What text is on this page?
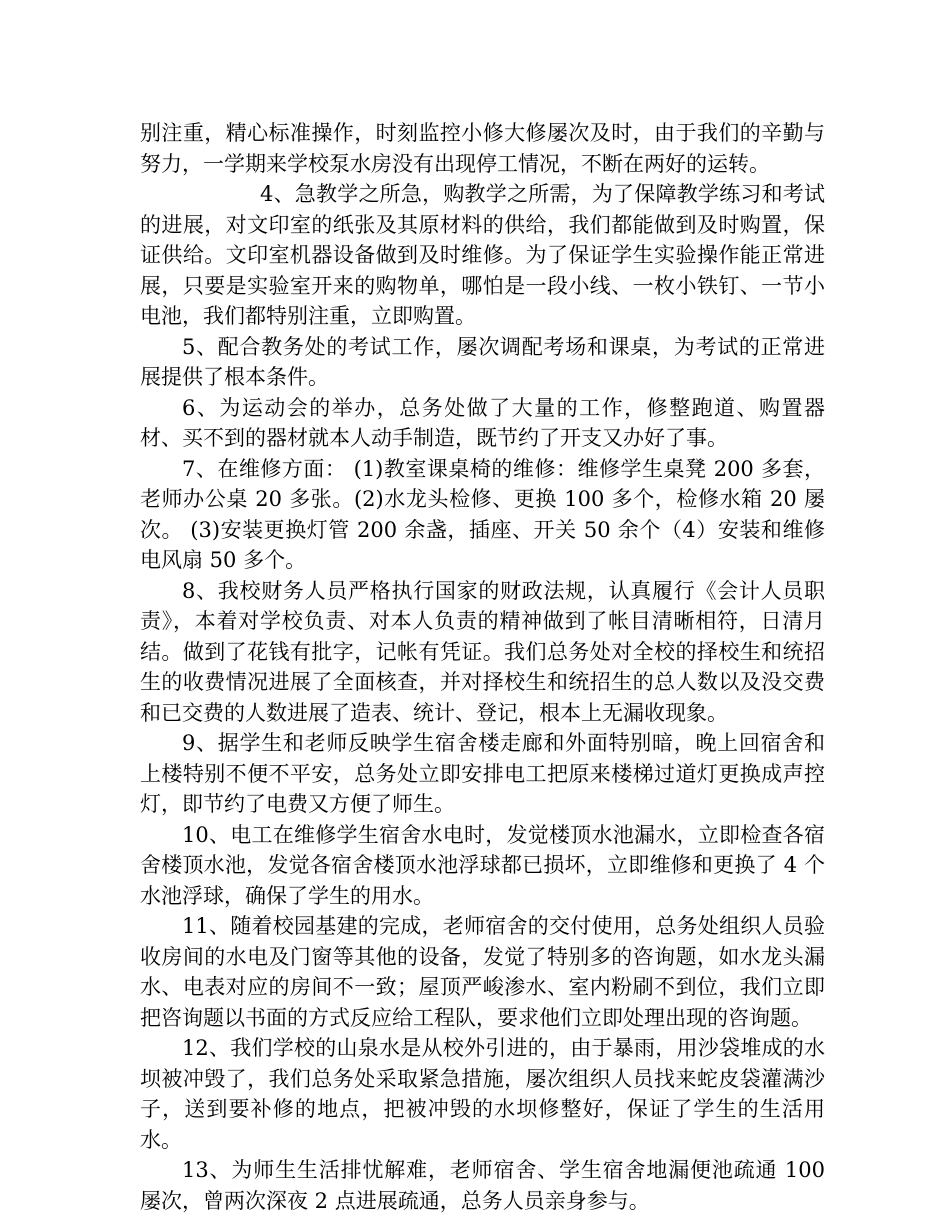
别注重，精心标准操作，时刻监控小修大修屡次及时，由于我们的辛勤与努力，一学期来学校泵水房没有出现停工情况，不断在两好的运转。

4、急教学之所急，购教学之所需，为了保障教学练习和考试的进展，对文印室的纸张及其原材料的供给，我们都能做到及时购置，保证供给。文印室机器设备做到及时维修。为了保证学生实验操作能正常进展，只要是实验室开来的购物单，哪怕是一段小线、一枚小铁钉、一节小电池，我们都特别注重，立即购置。

5、配合教务处的考试工作，屡次调配考场和课桌，为考试的正常进展提供了根本条件。

6、为运动会的举办，总务处做了大量的工作，修整跑道、购置器材、买不到的器材就本人动手制造，既节约了开支又办好了事。

7、在维修方面： (1)教室课桌椅的维修：维修学生桌凳 200 多套，老师办公桌 20 多张。(2)水龙头检修、更换 100 多个，检修水箱 20 屡次。 (3)安装更换灯管 200 余盏，插座、开关 50 余个（4）安装和维修电风扇 50 多个。

8、我校财务人员严格执行国家的财政法规，认真履行《会计人员职责》，本着对学校负责、对本人负责的精神做到了帐目清晰相符，日清月结。做到了花钱有批字，记帐有凭证。我们总务处对全校的择校生和统招生的收费情况进展了全面核查，并对择校生和统招生的总人数以及没交费和已交费的人数进展了造表、统计、登记，根本上无漏收现象。

9、据学生和老师反映学生宿舍楼走廊和外面特别暗，晚上回宿舍和上楼特别不便不平安，总务处立即安排电工把原来楼梯过道灯更换成声控灯，即节约了电费又方便了师生。

10、电工在维修学生宿舍水电时，发觉楼顶水池漏水，立即检查各宿舍楼顶水池，发觉各宿舍楼顶水池浮球都已损坏，立即维修和更换了 4 个水池浮球，确保了学生的用水。

11、随着校园基建的完成，老师宿舍的交付使用，总务处组织人员验收房间的水电及门窗等其他的设备，发觉了特别多的咨询题，如水龙头漏水、电表对应的房间不一致；屋顶严峻渗水、室内粉刷不到位，我们立即把咨询题以书面的方式反应给工程队，要求他们立即处理出现的咨询题。

12、我们学校的山泉水是从校外引进的，由于暴雨，用沙袋堆成的水坝被冲毁了，我们总务处采取紧急措施，屡次组织人员找来蛇皮袋灌满沙子，送到要补修的地点，把被冲毁的水坝修整好，保证了学生的生活用水。

13、为师生生活排忧解难，老师宿舍、学生宿舍地漏便池疏通 100 屡次，曾两次深夜 2 点进展疏通，总务人员亲身参与。
